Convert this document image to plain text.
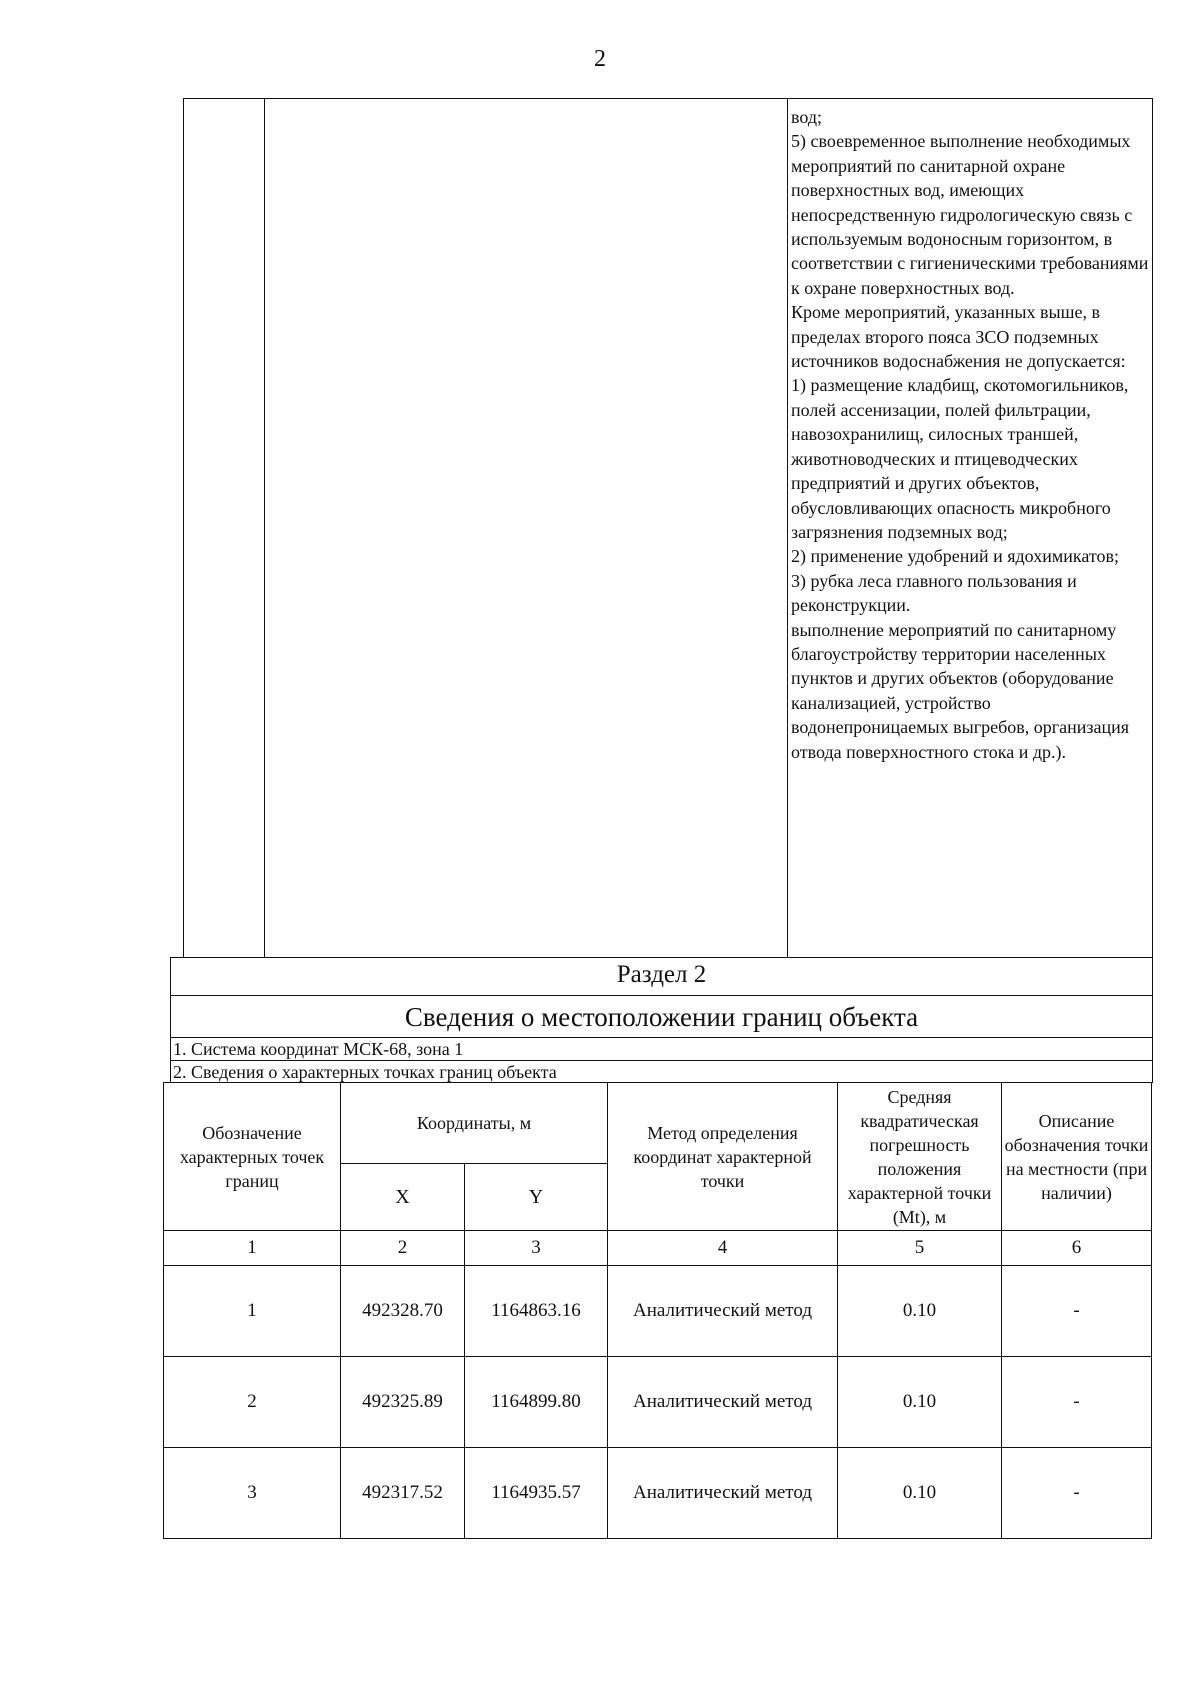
2
вод;
5) своевременное выполнение необходимых мероприятий по санитарной охране поверхностных вод, имеющих непосредственную гидрологическую связь с используемым водоносным горизонтом, в соответствии с гигиеническими требованиями к охране поверхностных вод.
Кроме мероприятий, указанных выше, в пределах второго пояса ЗСО подземных источников водоснабжения не допускается:
1) размещение кладбищ, скотомогильников, полей ассенизации, полей фильтрации, навозохранилищ, силосных траншей, животноводческих и птицеводческих предприятий и других объектов, обусловливающих опасность микробного загрязнения подземных вод;
2) применение удобрений и ядохимикатов;
3) рубка леса главного пользования и реконструкции.
выполнение мероприятий по санитарному благоустройству территории населенных пунктов и других объектов (оборудование канализацией, устройство водонепроницаемых выгребов, организация отвода поверхностного стока и др.).
Раздел 2
Сведения о местоположении границ объекта
1. Система координат МСК-68, зона 1
2. Сведения о характерных точках границ объекта
Обозначение характерных точек границ	Координаты, м		Метод определения координат характерной точки	Средняя квадратическая погрешность положения характерной точки (Mt), м	Описание обозначения точки на местности (при наличии)
	X	Y			
1	2	3	4	5	6
1	492328.70	1164863.16	Аналитический метод	0.10	-
2	492325.89	1164899.80	Аналитический метод	0.10	-
3	492317.52	1164935.57	Аналитический метод	0.10	-
